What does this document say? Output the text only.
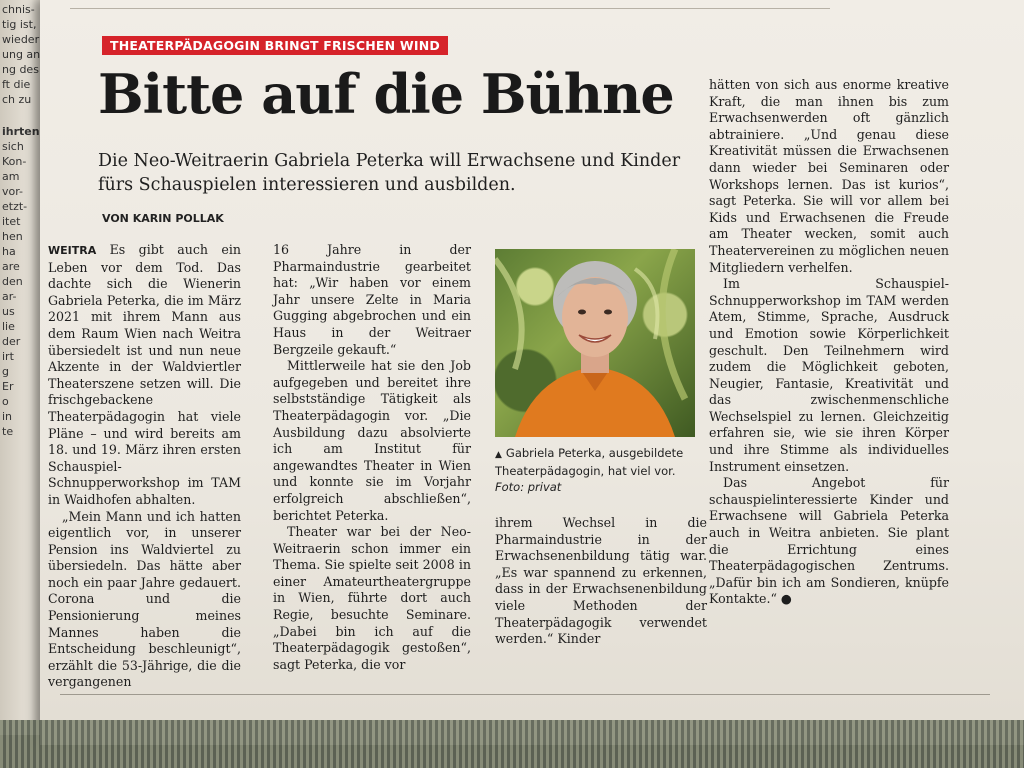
chnis-
tig ist,
wieder
ung an
ng des
ft die
ch zu
ihrten
sich
Kon-
am
vor-
etzt-
itet
hen
ha
are
den
ar-
us
lie
der
irt
g
Er
o
in
te
THEATERPÄDAGOGIN BRINGT FRISCHEN WIND
Bitte auf die Bühne

Die Neo-Weitraerin Gabriela Peterka will Erwachsene und Kinder fürs Schauspielen interessieren und ausbilden.

VON KARIN POLLAK

WEITRA Es gibt auch ein Leben vor dem Tod. Das dachte sich die Wienerin Gabriela Peterka, die im März 2021 mit ihrem Mann aus dem Raum Wien nach Weitra übersiedelt ist und nun neue Akzente in der Waldviertler Theaterszene setzen will. Die frischgebackene Theaterpädagogin hat viele Pläne – und wird bereits am 18. und 19. März ihren ersten Schauspiel-Schnupperworkshop im TAM in Waidhofen abhalten.

„Mein Mann und ich hatten eigentlich vor, in unserer Pension ins Waldviertel zu übersiedeln. Das hätte aber noch ein paar Jahre gedauert. Corona und die Pensionierung meines Mannes haben die Entscheidung beschleunigt“, erzählt die 53-Jährige, die die vergangenen

16 Jahre in der Pharmaindustrie gearbeitet hat: „Wir haben vor einem Jahr unsere Zelte in Maria Gugging abgebrochen und ein Haus in der Weitraer Bergzeile gekauft.“

Mittlerweile hat sie den Job aufgegeben und bereitet ihre selbstständige Tätigkeit als Theaterpädagogin vor. „Die Ausbildung dazu absolvierte ich am Institut für angewandtes Theater in Wien und konnte sie im Vorjahr erfolgreich abschließen“, berichtet Peterka.

Theater war bei der Neo-Weitraerin schon immer ein Thema. Sie spielte seit 2008 in einer Amateurtheatergruppe in Wien, führte dort auch Regie, besuchte Seminare. „Dabei bin ich auf die Theaterpädagogik gestoßen“, sagt Peterka, die vor

ihrem Wechsel in die Pharmaindustrie in der Erwachsenenbildung tätig war. „Es war spannend zu erkennen, dass in der Erwachsenenbildung viele Methoden der Theaterpädagogik verwendet werden.“ Kinder

hätten von sich aus enorme kreative Kraft, die man ihnen bis zum Erwachsenwerden oft gänzlich abtrainiere. „Und genau diese Kreativität müssen die Erwachsenen dann wieder bei Seminaren oder Workshops lernen. Das ist kurios“, sagt Peterka. Sie will vor allem bei Kids und Erwachsenen die Freude am Theater wecken, somit auch Theatervereinen zu möglichen neuen Mitgliedern verhelfen.

Im Schauspiel-Schnupperworkshop im TAM werden Atem, Stimme, Sprache, Ausdruck und Emotion sowie Körperlichkeit geschult. Den Teilnehmern wird zudem die Möglichkeit geboten, Neugier, Fantasie, Kreativität und das zwischenmenschliche Wechselspiel zu lernen. Gleichzeitig erfahren sie, wie sie ihren Körper und ihre Stimme als individuelles Instrument einsetzen.

Das Angebot für schauspielinteressierte Kinder und Erwachsene will Gabriela Peterka auch in Weitra anbieten. Sie plant die Errichtung eines Theaterpädagogischen Zentrums. „Dafür bin ich am Sondieren, knüpfe Kontakte.“ ●

▲ Gabriela Peterka, ausgebildete Theaterpädagogin, hat viel vor.
Foto: privat
